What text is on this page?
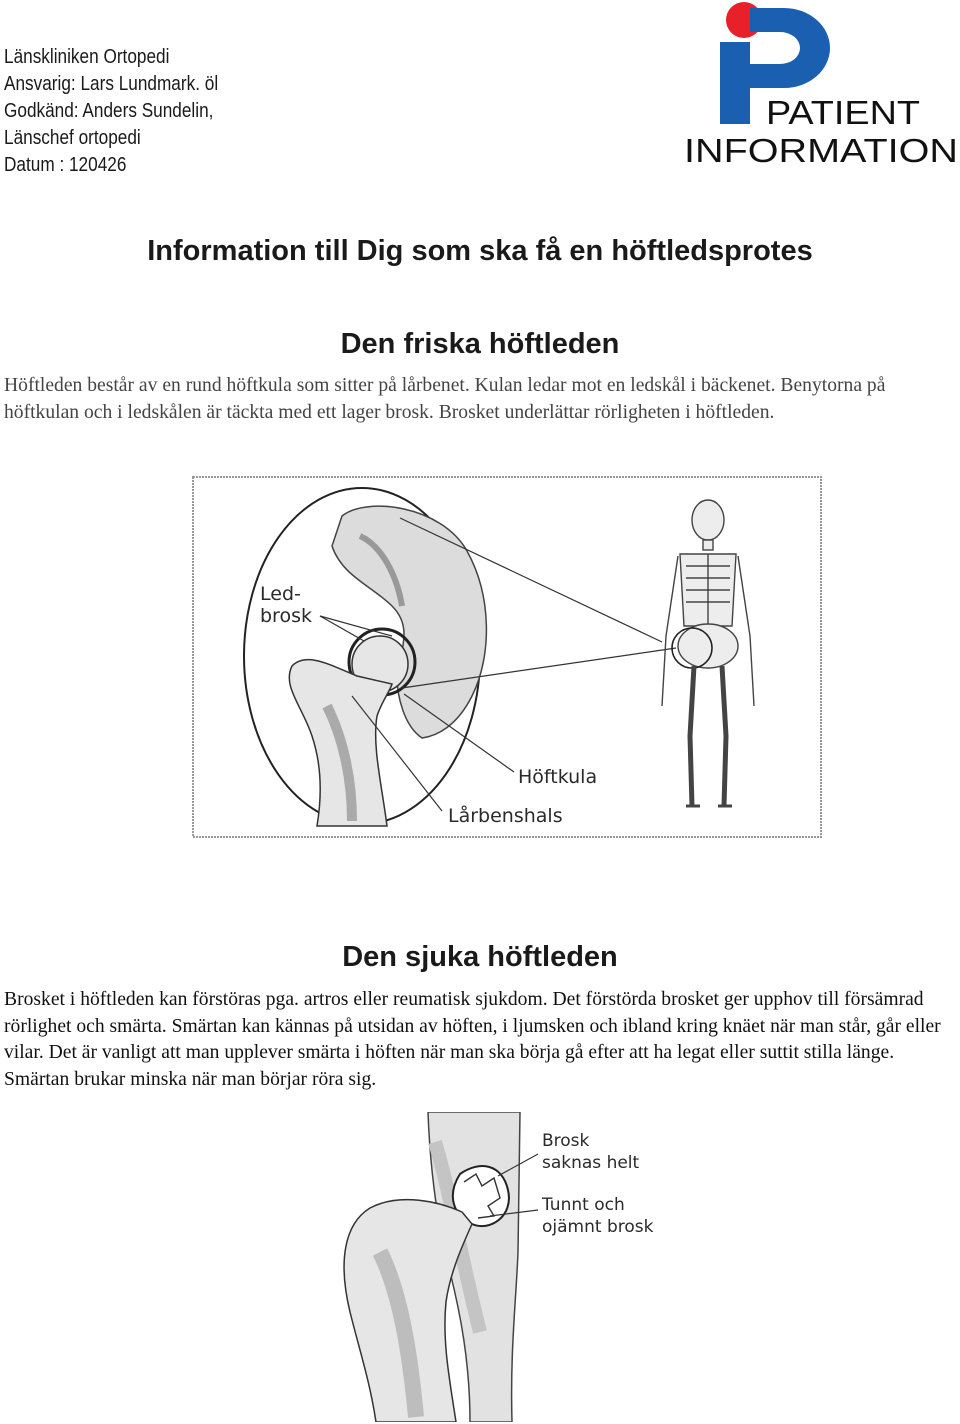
Länskliniken Ortopedi
Ansvarig: Lars Lundmark. öl
Godkänd: Anders Sundelin,
Länschef ortopedi
Datum : 120426
PATIENT
INFORMATION
Information till Dig som ska få en höftledsprotes
Den friska höftleden

Höftleden består av en rund höftkula som sitter på lårbenet. Kulan ledar mot en ledskål i bäckenet. Benytorna på höftkulan och i ledskålen är täckta med ett lager brosk. Brosket underlättar rörligheten i höftleden.

Led-
brosk
Höftkula
Lårbenshals
Den sjuka höftleden

Brosket i höftleden kan förstöras pga. artros eller reumatisk sjukdom. Det förstörda brosket ger upphov till försämrad rörlighet och smärta. Smärtan kan kännas på utsidan av höften, i ljumsken och ibland kring knäet när man står, går eller vilar. Det är vanligt att man upplever smärta i höften när man ska börja gå efter att ha legat eller suttit stilla länge. Smärtan brukar minska när man börjar röra sig.

Brosk
saknas helt
Tunnt och
ojämnt brosk
